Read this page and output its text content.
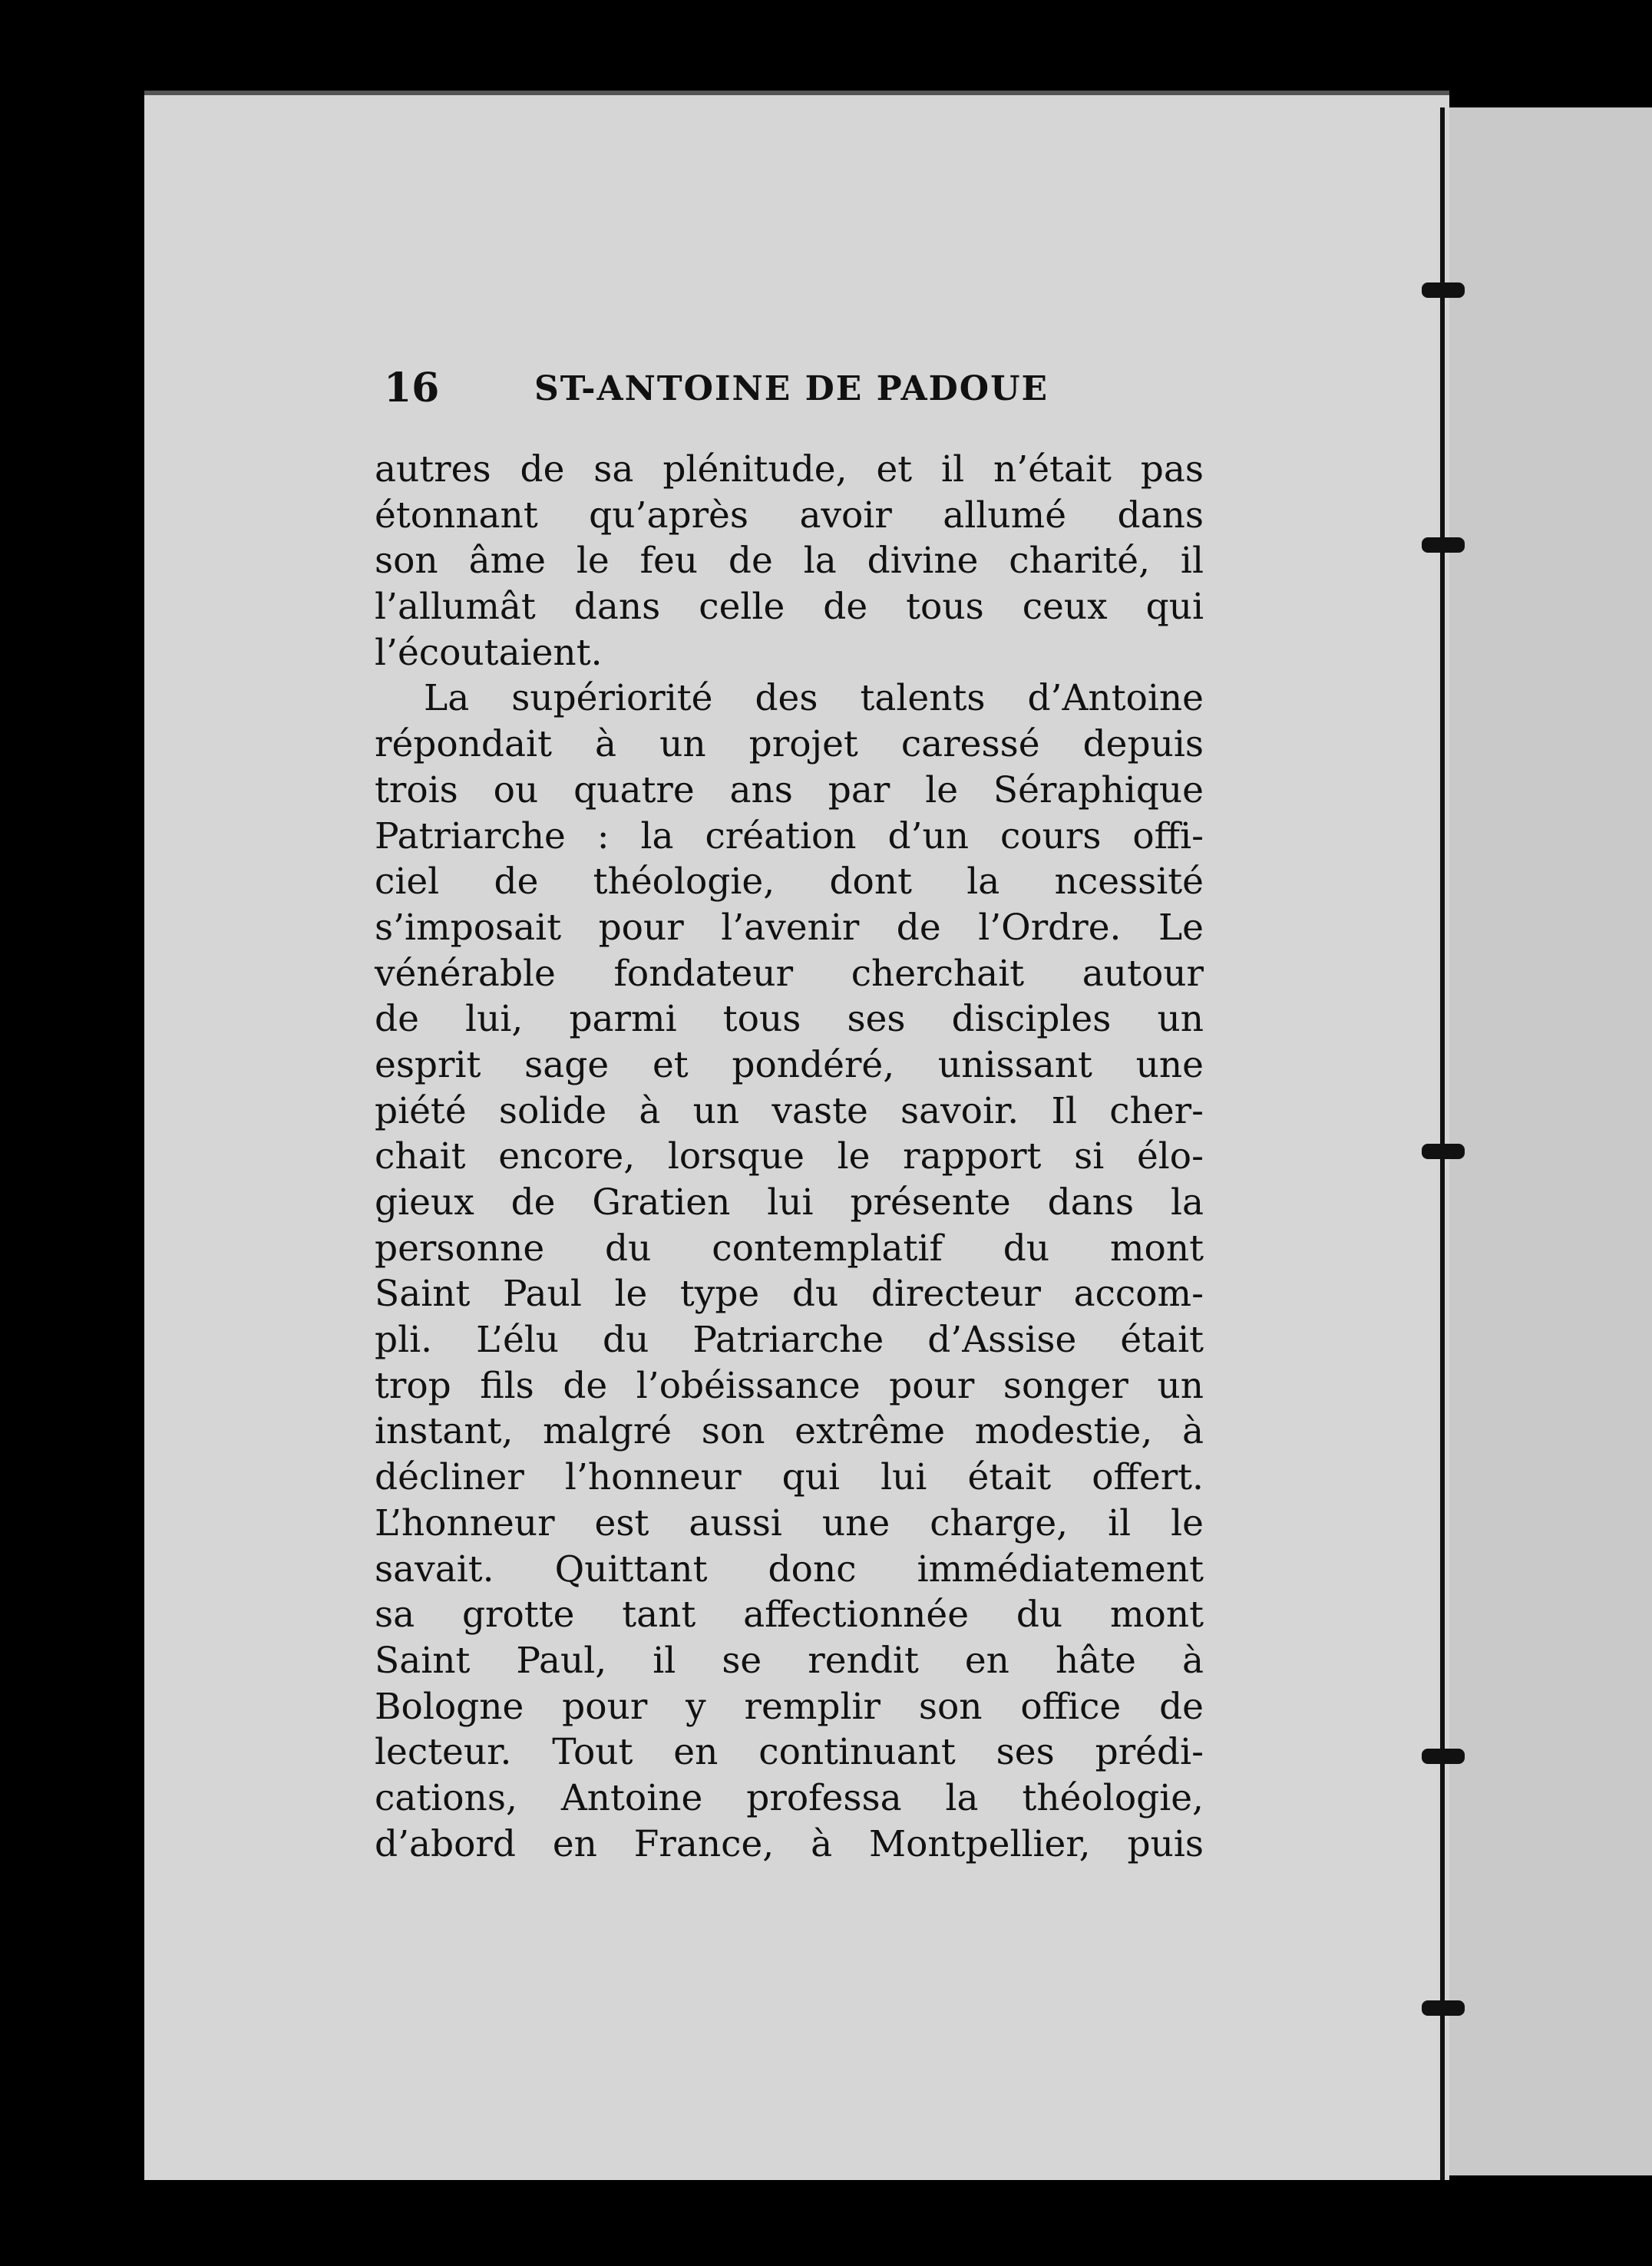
16	ST-ANTOINE DE PADOUE
autres de sa plénitude, et il n’était pas
étonnant qu’après avoir allumé dans
son âme le feu de la divine charité, il
l’allumât dans celle de tous ceux qui
l’écoutaient.
La supériorité des talents d’Antoine
répondait à un projet caressé depuis
trois ou quatre ans par le Séraphique
Patriarche : la création d’un cours offi-
ciel de théologie, dont la ncessité
s’imposait pour l’avenir de l’Ordre. Le
vénérable fondateur cherchait autour
de lui, parmi tous ses disciples un
esprit sage et pondéré, unissant une
piété solide à un vaste savoir. Il cher-
chait encore, lorsque le rapport si élo-
gieux de Gratien lui présente dans la
personne du contemplatif du mont
Saint Paul le type du directeur accom-
pli. L’élu du Patriarche d’Assise était
trop fils de l’obéissance pour songer un
instant, malgré son extrême modestie, à
décliner l’honneur qui lui était offert.
L’honneur est aussi une charge, il le
savait. Quittant donc immédiatement
sa grotte tant affectionnée du mont
Saint Paul, il se rendit en hâte à
Bologne pour y remplir son office de
lecteur. Tout en continuant ses prédi-
cations, Antoine professa la théologie,
d’abord en France, à Montpellier, puis
